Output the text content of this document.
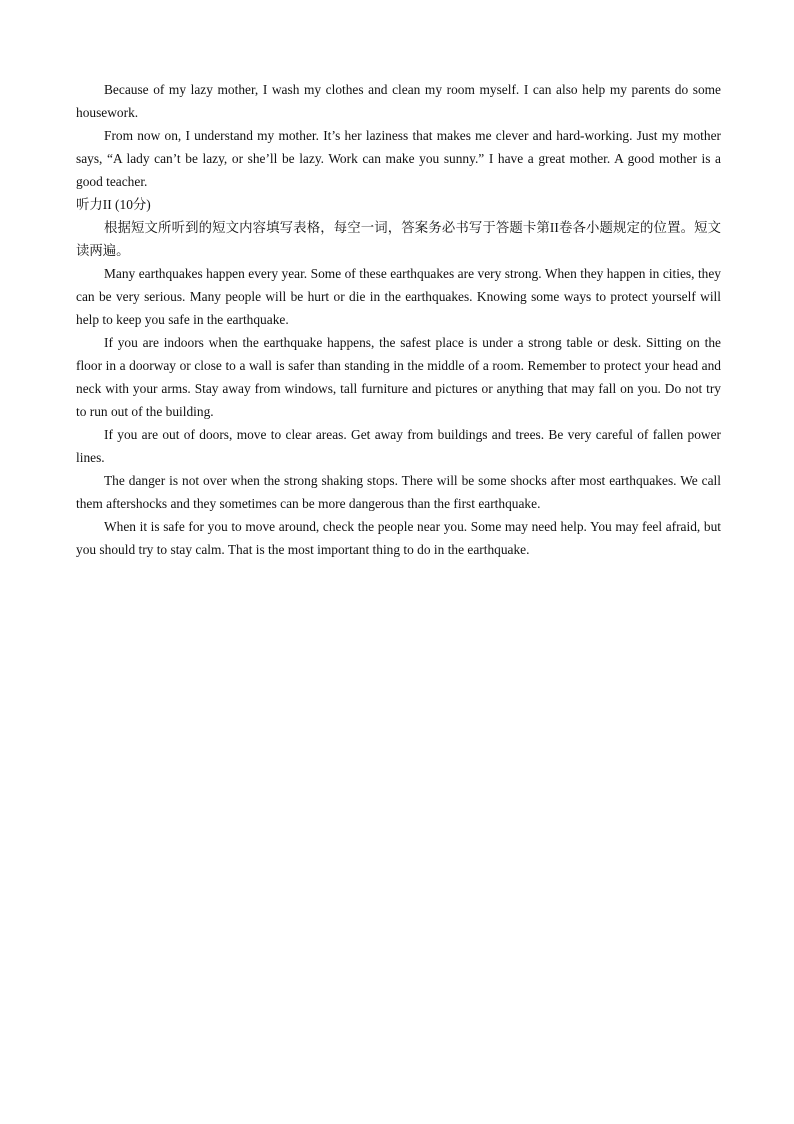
Because of my lazy mother, I wash my clothes and clean my room myself. I can also help my parents do some housework.

From now on, I understand my mother. It’s her laziness that makes me clever and hard-working. Just my mother says, “A lady can’t be lazy, or she’ll be lazy. Work can make you sunny.” I have a great mother. A good mother is a good teacher.

听力II (10分)

根据短文所听到的短文内容填写表格，每空一词，答案务必书写于答题卡第II卷各小题规定的位置。短文读两遍。

Many earthquakes happen every year. Some of these earthquakes are very strong. When they happen in cities, they can be very serious. Many people will be hurt or die in the earthquakes. Knowing some ways to protect yourself will help to keep you safe in the earthquake.

If you are indoors when the earthquake happens, the safest place is under a strong table or desk. Sitting on the floor in a doorway or close to a wall is safer than standing in the middle of a room. Remember to protect your head and neck with your arms. Stay away from windows, tall furniture and pictures or anything that may fall on you. Do not try to run out of the building.

If you are out of doors, move to clear areas. Get away from buildings and trees. Be very careful of fallen power lines.

The danger is not over when the strong shaking stops. There will be some shocks after most earthquakes. We call them aftershocks and they sometimes can be more dangerous than the first earthquake.

When it is safe for you to move around, check the people near you. Some may need help. You may feel afraid, but you should try to stay calm. That is the most important thing to do in the earthquake.
